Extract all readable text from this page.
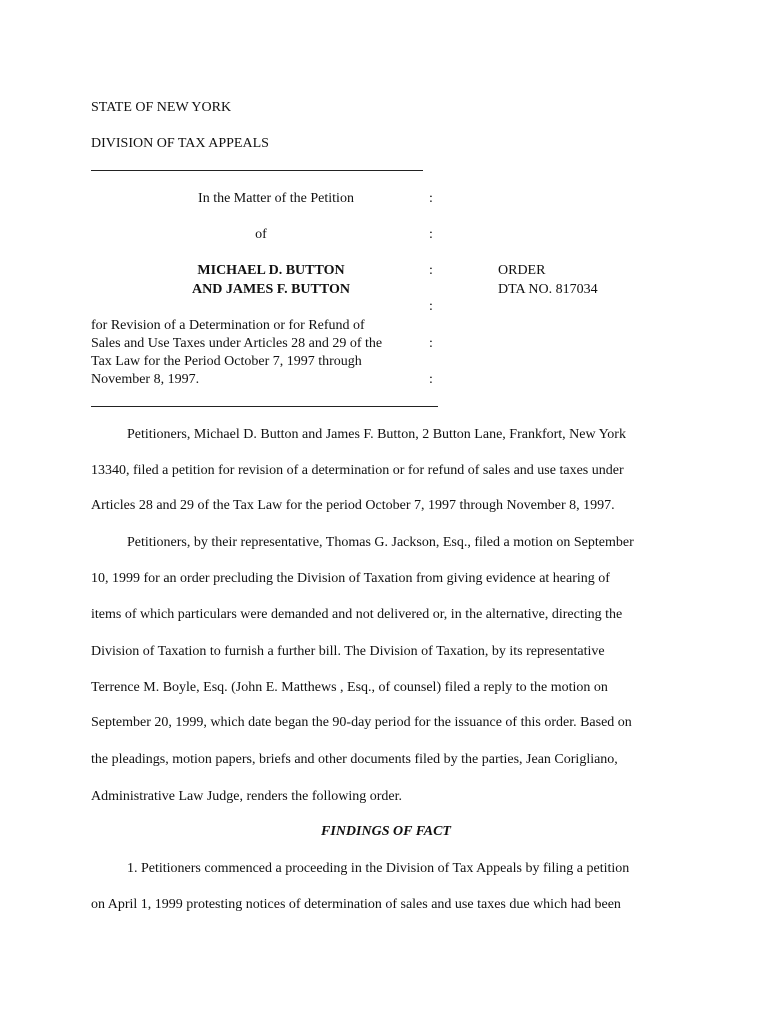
STATE OF NEW YORK
DIVISION OF TAX APPEALS
In the Matter of the Petition
of
MICHAEL D. BUTTON
AND JAMES F. BUTTON
for Revision of a Determination or for Refund of
Sales and Use Taxes under Articles 28 and 29 of the
Tax Law for the Period October 7, 1997 through
November 8, 1997.
:
:
:
:
:
:
ORDER
DTA NO. 817034
Petitioners, Michael D. Button and James F. Button, 2 Button Lane, Frankfort, New York
13340, filed a petition for revision of a determination or for refund of sales and use taxes under
Articles 28 and 29 of the Tax Law for the period October 7, 1997 through November 8, 1997.
Petitioners, by their representative, Thomas G. Jackson, Esq., filed a motion on September
10, 1999 for an order precluding the Division of Taxation from giving evidence at hearing of
items of which particulars were demanded and not delivered or, in the alternative, directing the
Division of Taxation to furnish a further bill. The Division of Taxation, by its representative
Terrence M. Boyle, Esq. (John E. Matthews , Esq., of counsel) filed a reply to the motion on
September 20, 1999, which date began the 90-day period for the issuance of this order. Based on
the pleadings, motion papers, briefs and other documents filed by the parties, Jean Corigliano,
Administrative Law Judge, renders the following order.
FINDINGS OF FACT
1. Petitioners commenced a proceeding in the Division of Tax Appeals by filing a petition
on April 1, 1999 protesting notices of determination of sales and use taxes due which had been
